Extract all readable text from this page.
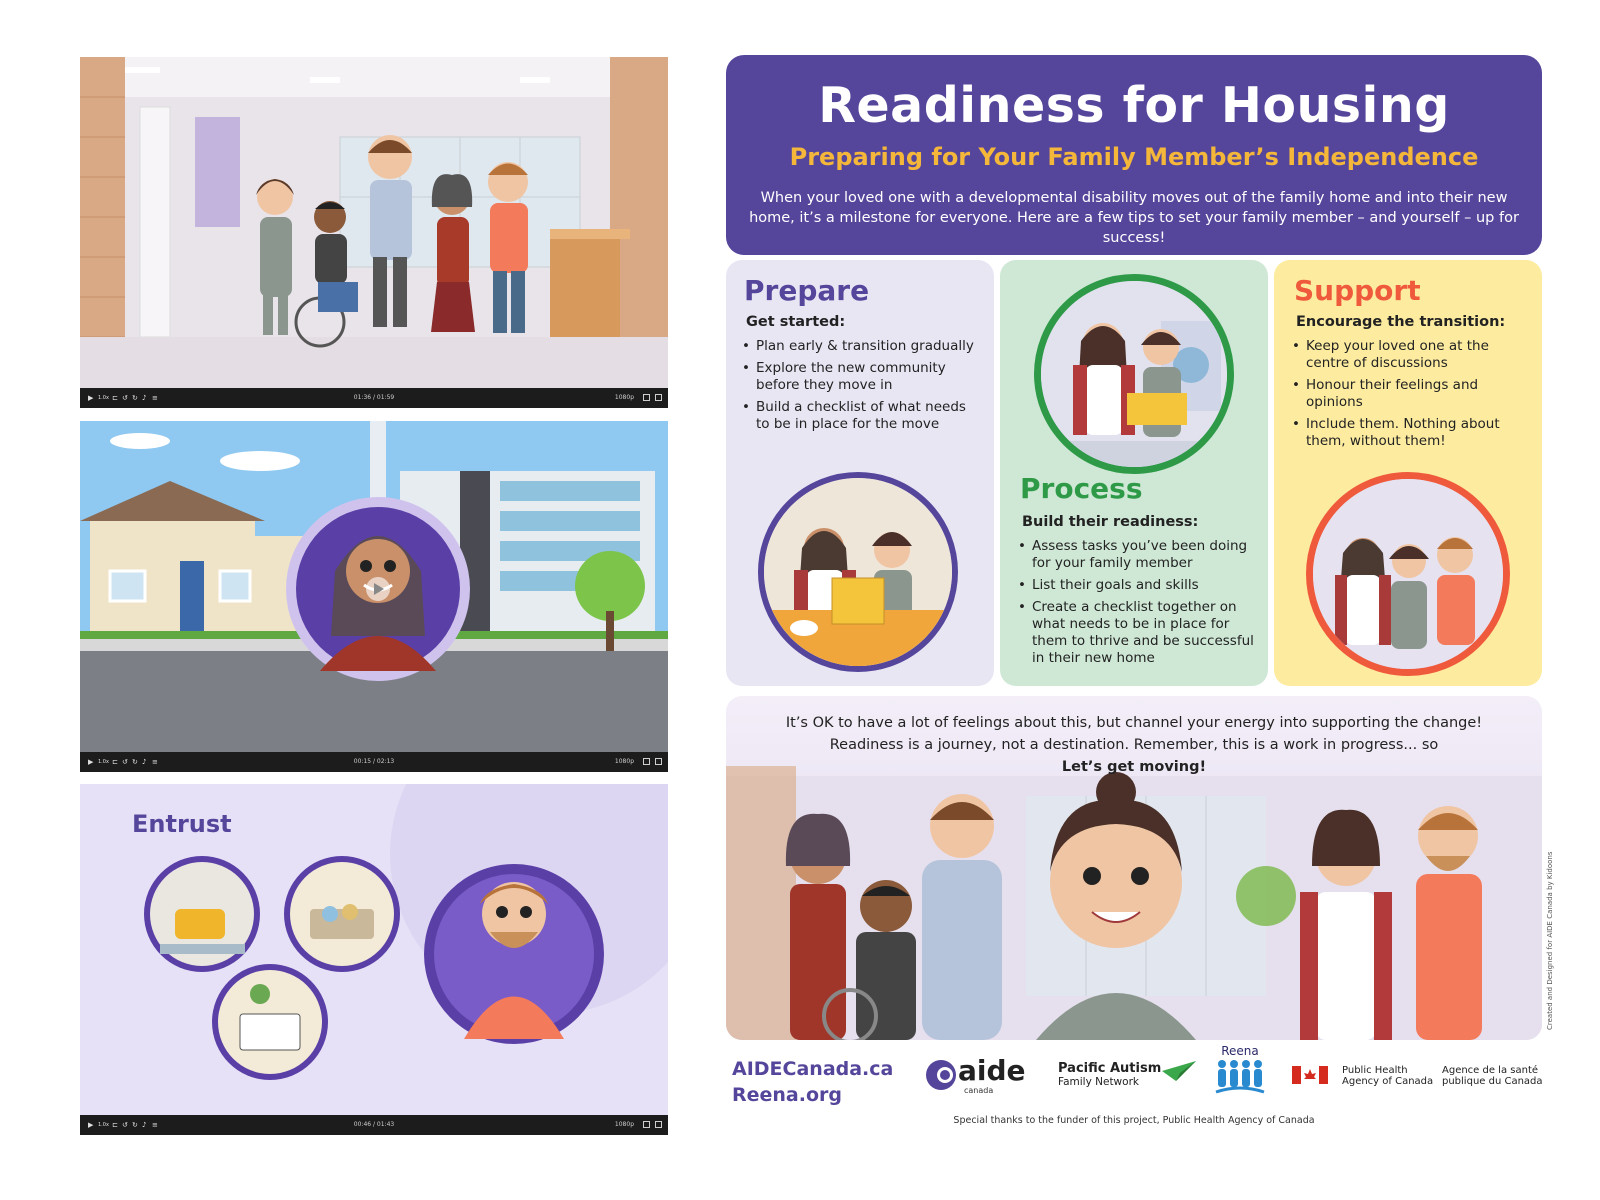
▶ 1.0x ⊏ ↺ ↻ ♪ ≡	01:36 / 01:59	1080p
▶ 1.0x ⊏ ↺ ↻ ♪ ≡	00:15 / 02:13	1080p
Entrust
▶ 1.0x ⊏ ↺ ↻ ♪ ≡	00:46 / 01:43	1080p
Readiness for Housing
Preparing for Your Family Member’s Independence

When your loved one with a developmental disability moves out of the family home and into their new home, it’s a milestone for everyone. Here are a few tips to set your family member – and yourself – up for success!

Prepare
Get started:
• Plan early & transition gradually
• Explore the new community before they move in
• Build a checklist of what needs to be in place for the move
Process
Build their readiness:
• Assess tasks you’ve been doing for your family member
• List their goals and skills
• Create a checklist together on what needs to be in place for them to thrive and be successful in their new home
Support
Encourage the transition:
• Keep your loved one at the centre of discussions
• Honour their feelings and opinions
• Include them. Nothing about them, without them!
It’s OK to have a lot of feelings about this, but channel your energy into supporting the change!
Readiness is a journey, not a destination. Remember, this is a work in progress... so
Let’s get moving!
Created and Designed for AIDE Canada by Kidoons
AIDECanada.ca
Reena.org
aide
canada
Pacific Autism
Family Network
Reena
Public Health
Agency of Canada
Agence de la santé
publique du Canada
Special thanks to the funder of this project, Public Health Agency of Canada
